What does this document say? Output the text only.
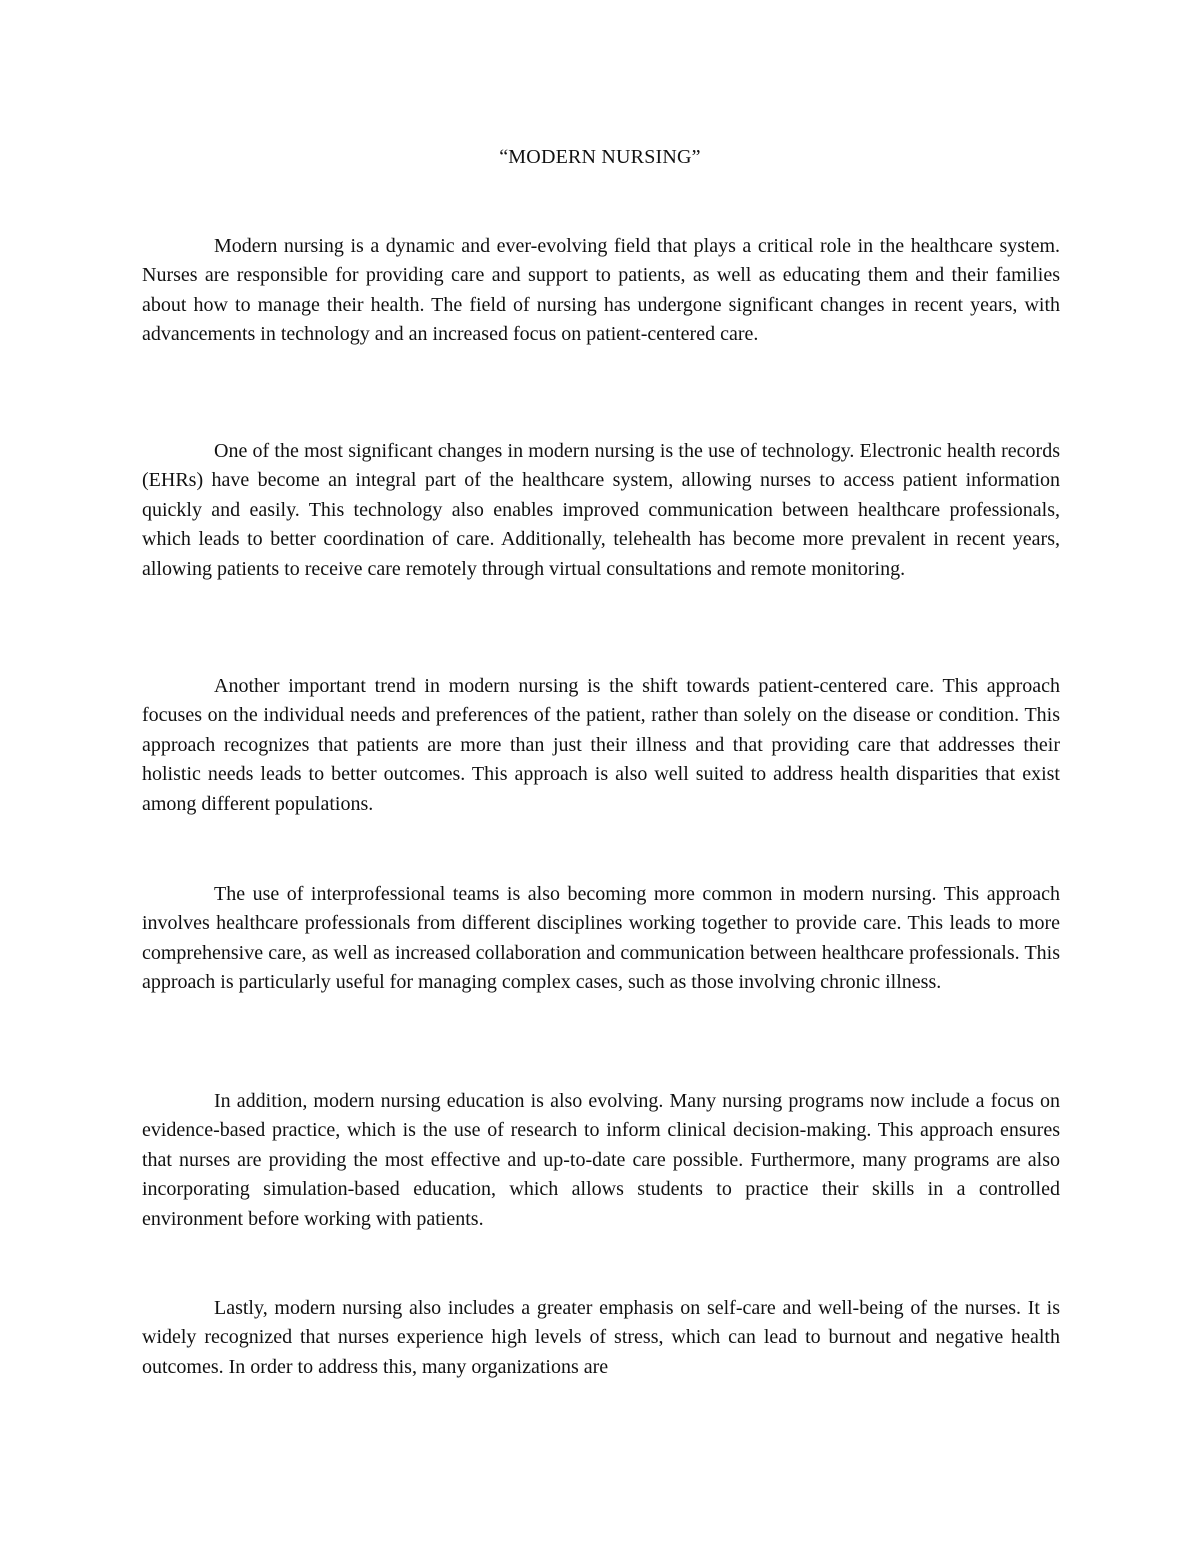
“MODERN NURSING”

Modern nursing is a dynamic and ever-evolving field that plays a critical role in the healthcare system. Nurses are responsible for providing care and support to patients, as well as educating them and their families about how to manage their health. The field of nursing has undergone significant changes in recent years, with advancements in technology and an increased focus on patient-centered care.

One of the most significant changes in modern nursing is the use of technology. Electronic health records (EHRs) have become an integral part of the healthcare system, allowing nurses to access patient information quickly and easily. This technology also enables improved communication between healthcare professionals, which leads to better coordination of care. Additionally, telehealth has become more prevalent in recent years, allowing patients to receive care remotely through virtual consultations and remote monitoring.

Another important trend in modern nursing is the shift towards patient-centered care. This approach focuses on the individual needs and preferences of the patient, rather than solely on the disease or condition. This approach recognizes that patients are more than just their illness and that providing care that addresses their holistic needs leads to better outcomes. This approach is also well suited to address health disparities that exist among different populations.

The use of interprofessional teams is also becoming more common in modern nursing. This approach involves healthcare professionals from different disciplines working together to provide care. This leads to more comprehensive care, as well as increased collaboration and communication between healthcare professionals. This approach is particularly useful for managing complex cases, such as those involving chronic illness.

In addition, modern nursing education is also evolving. Many nursing programs now include a focus on evidence-based practice, which is the use of research to inform clinical decision-making. This approach ensures that nurses are providing the most effective and up-to-date care possible. Furthermore, many programs are also incorporating simulation-based education, which allows students to practice their skills in a controlled environment before working with patients.

Lastly, modern nursing also includes a greater emphasis on self-care and well-being of the nurses. It is widely recognized that nurses experience high levels of stress, which can lead to burnout and negative health outcomes. In order to address this, many organizations are
